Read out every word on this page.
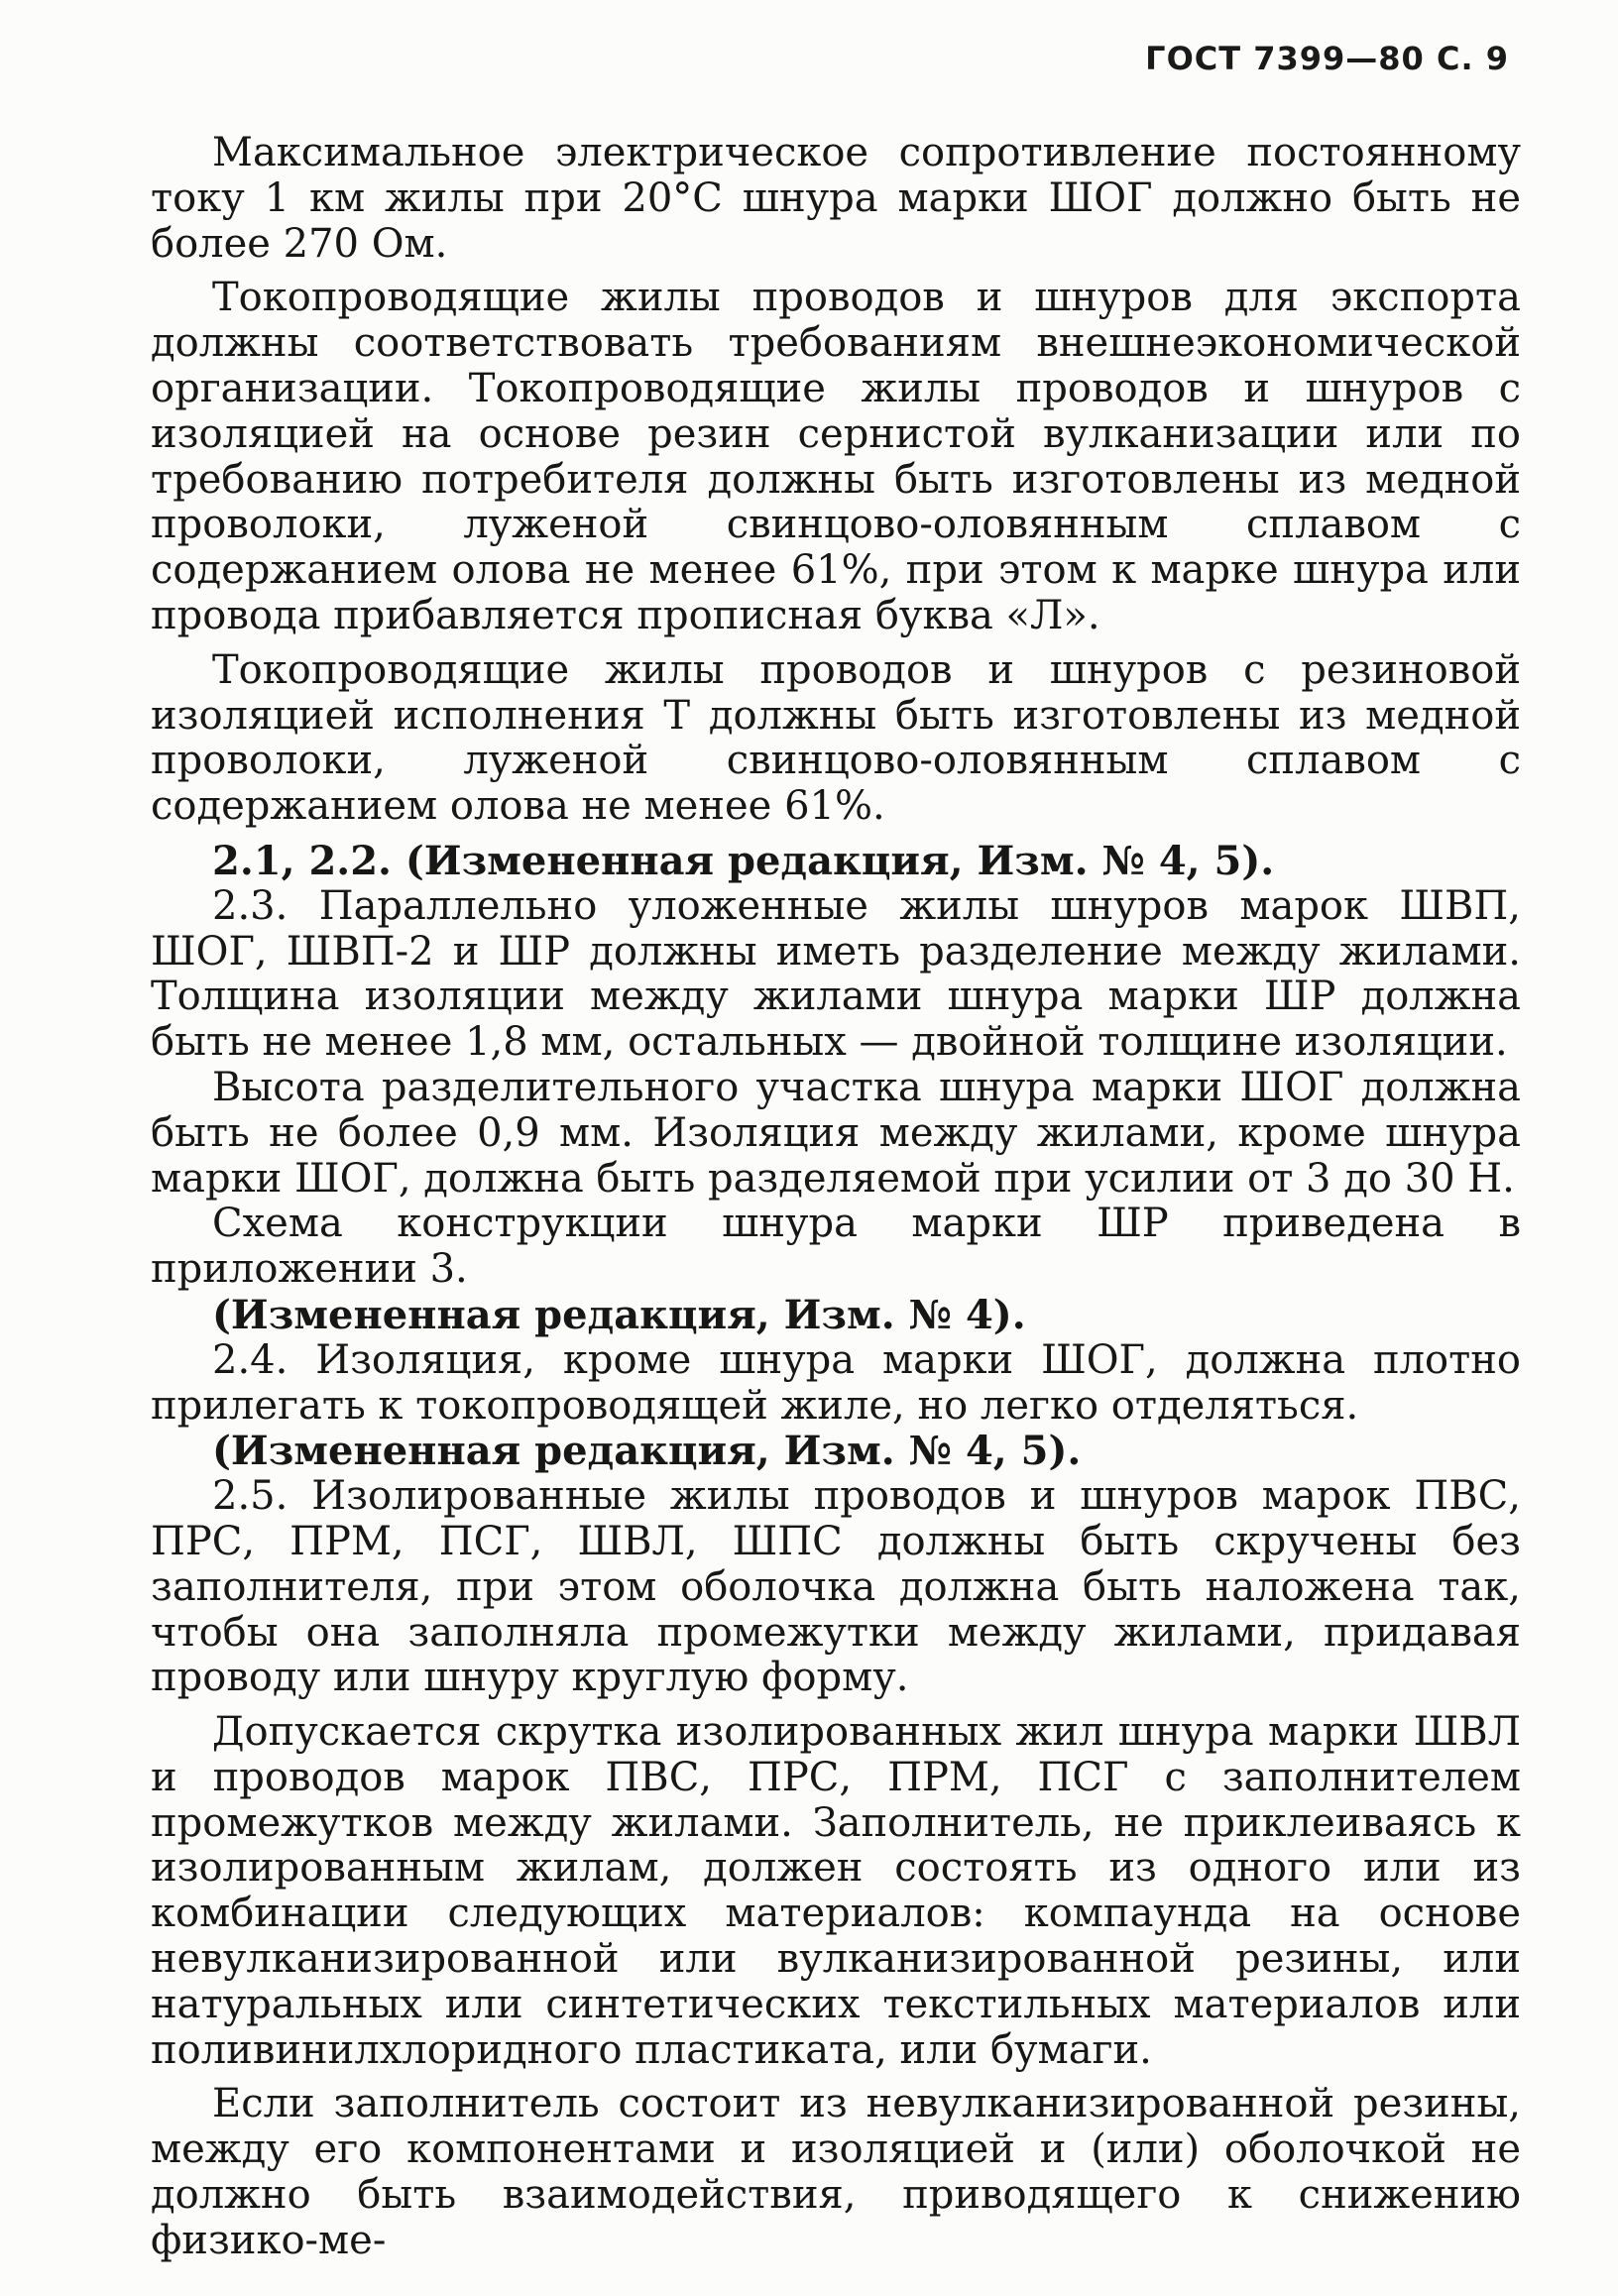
ГОСТ 7399—80 С. 9

Максимальное электрическое сопротивление постоянному току 1 км жилы при 20°С шнура марки ШОГ должно быть не более 270 Ом.

Токопроводящие жилы проводов и шнуров для экспорта должны соответствовать требованиям внешнеэкономической организации. Токопроводящие жилы проводов и шнуров с изоляцией на основе резин сернистой вулканизации или по требованию потребителя должны быть изготовлены из медной проволоки, луженой свинцово-оловянным сплавом с содержанием олова не менее 61%, при этом к марке шнура или провода прибавляется прописная буква «Л».

Токопроводящие жилы проводов и шнуров с резиновой изоляцией исполнения Т должны быть изготовлены из медной проволоки, луженой свинцово-оловянным сплавом с содержанием олова не менее 61%.

2.1, 2.2. (Измененная редакция, Изм. № 4, 5).

2.3. Параллельно уложенные жилы шнуров марок ШВП, ШОГ, ШВП-2 и ШР должны иметь разделение между жилами. Толщина изоляции между жилами шнура марки ШР должна быть не менее 1,8 мм, остальных — двойной толщине изоляции.

Высота разделительного участка шнура марки ШОГ должна быть не более 0,9 мм. Изоляция между жилами, кроме шнура марки ШОГ, должна быть разделяемой при усилии от 3 до 30 Н.

Схема конструкции шнура марки ШР приведена в приложении 3.

(Измененная редакция, Изм. № 4).

2.4. Изоляция, кроме шнура марки ШОГ, должна плотно прилегать к токопроводящей жиле, но легко отделяться.

(Измененная редакция, Изм. № 4, 5).

2.5. Изолированные жилы проводов и шнуров марок ПВС, ПРС, ПРМ, ПСГ, ШВЛ, ШПС должны быть скручены без заполнителя, при этом оболочка должна быть наложена так, чтобы она заполняла промежутки между жилами, придавая проводу или шнуру круглую форму.

Допускается скрутка изолированных жил шнура марки ШВЛ и проводов марок ПВС, ПРС, ПРМ, ПСГ с заполнителем промежутков между жилами. Заполнитель, не приклеиваясь к изолированным жилам, должен состоять из одного или из комбинации следующих материалов: компаунда на основе невулканизированной или вулканизированной резины, или натуральных или синтетических текстильных материалов или поливинилхлоридного пластиката, или бумаги.

Если заполнитель состоит из невулканизированной резины, между его компонентами и изоляцией и (или) оболочкой не должно быть взаимодействия, приводящего к снижению физико-ме-
